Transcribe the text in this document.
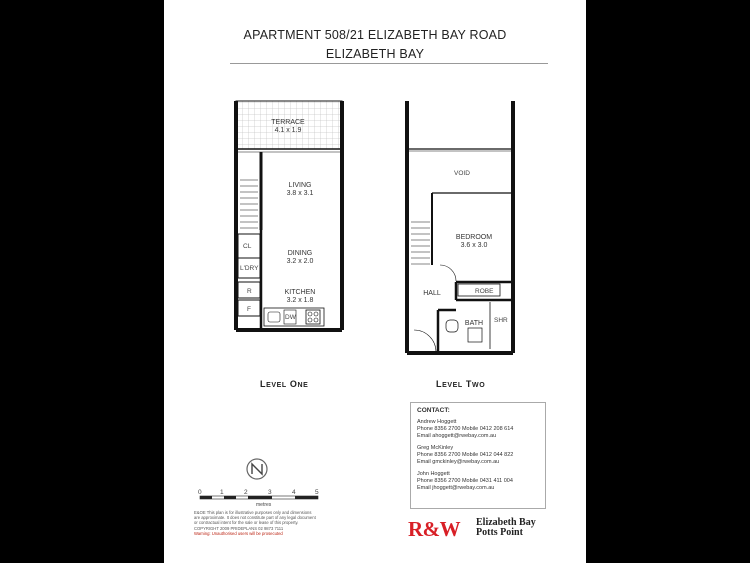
APARTMENT 508/21 ELIZABETH BAY ROAD
ELIZABETH BAY
TERRACE
4.1 x 1.9
LIVING
3.8 x 3.1
DINING
3.2 x 2.0
KITCHEN
3.2 x 1.8
CL
L'DRY
R
F
DW
VOID
BEDROOM
3.6 x 3.0
HALL	ROBE
BATH SHR
0	1	2	3	4	5
metres
LEVEL ONE	LEVEL TWO
CONTACT:
Andrew Hoggett
Phone 8356 2700 Mobile 0412 208 614
Email ahoggett@rwebay.com.au
Greg McKinley
Phone 8356 2700 Mobile 0412 044 822
Email gmckinley@rwebay.com.au
John Hoggett
Phone 8356 2700 Mobile 0431 411 004
Email jhoggett@rwebay.com.au
E&OE This plan is for illustrative purposes only and dimensions
are approximate. It does not constitute part of any legal document
or contractual intent for the sale or lease of this property.
COPYRIGHT 2009 PRIDEPLANS 02 9873 7111
Warning: Unauthorised users will be prosecuted	R&W Elizabeth Bay
Potts Point
